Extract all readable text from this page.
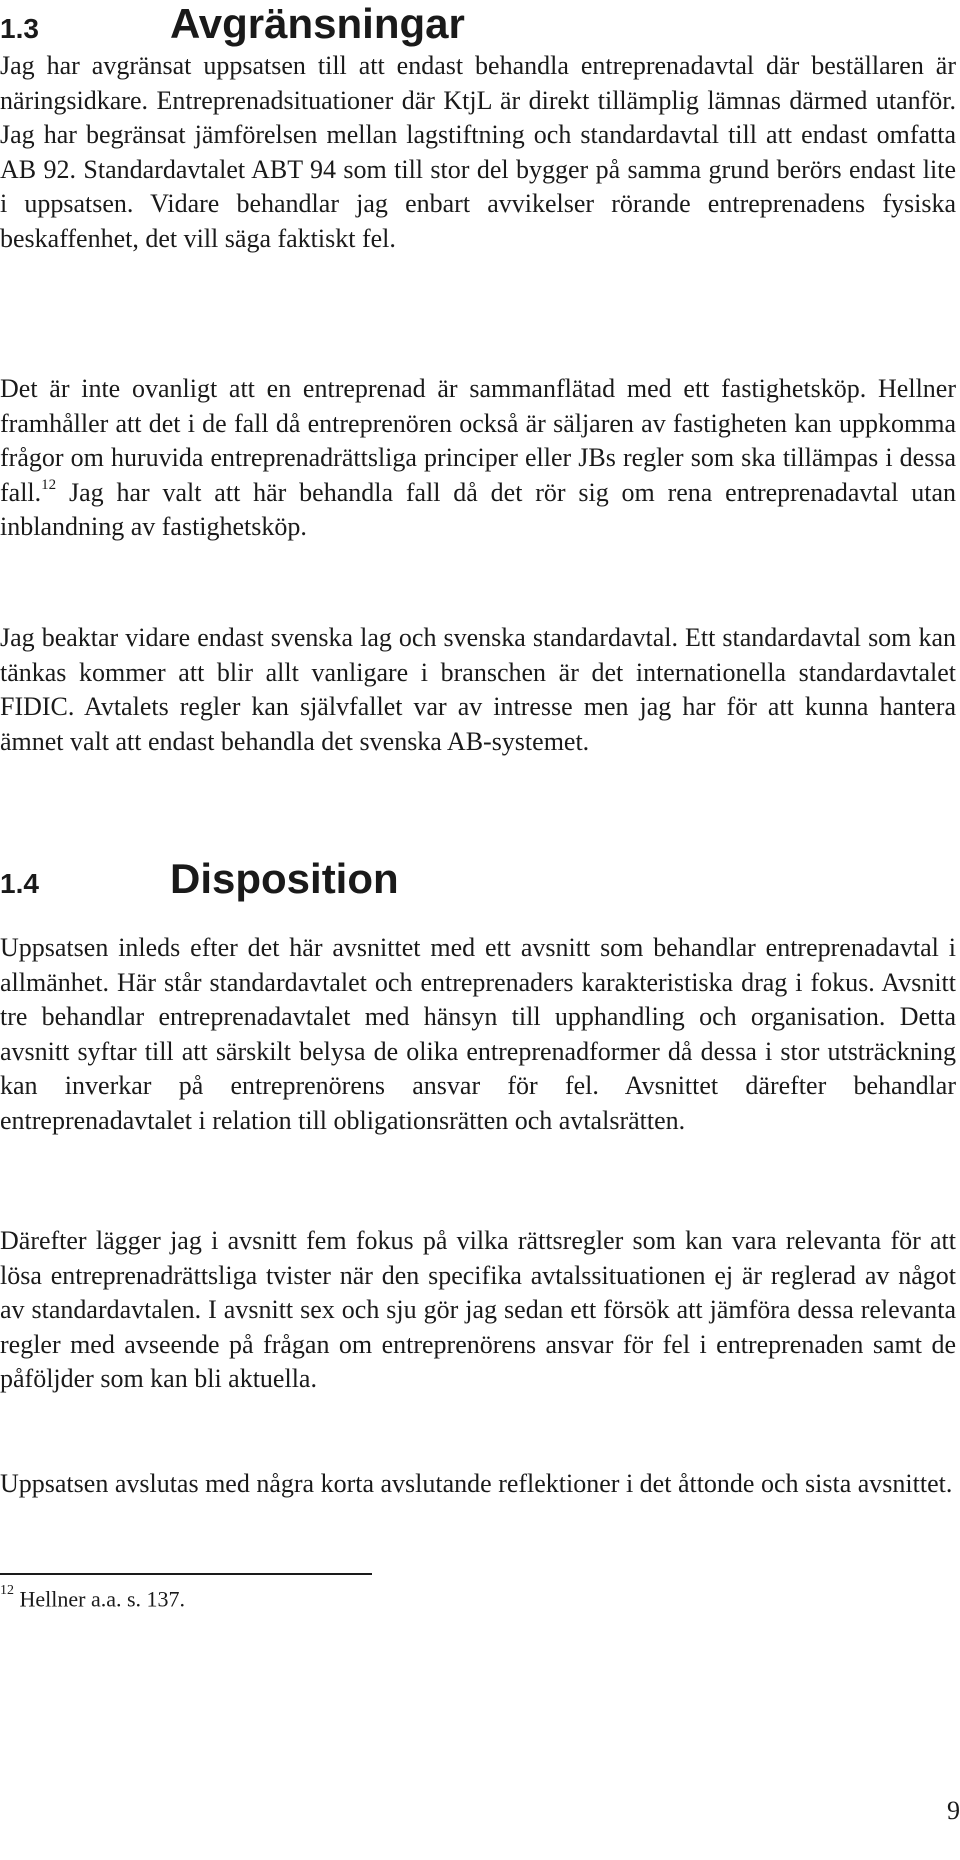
1.3	Avgränsningar

Jag har avgränsat uppsatsen till att endast behandla entreprenadavtal där beställaren är näringsidkare. Entreprenadsituationer där KtjL är direkt tillämplig lämnas därmed utanför. Jag har begränsat jämförelsen mellan lagstiftning och standardavtal till att endast omfatta AB 92. Standardavtalet ABT 94 som till stor del bygger på samma grund berörs endast lite i uppsatsen. Vidare behandlar jag enbart avvikelser rörande entreprenadens fysiska beskaffenhet, det vill säga faktiskt fel.

Det är inte ovanligt att en entreprenad är sammanflätad med ett fastighetsköp. Hellner framhåller att det i de fall då entreprenören också är säljaren av fastigheten kan uppkomma frågor om huruvida entreprenadrättsliga principer eller JBs regler som ska tillämpas i dessa fall.$^{12}$ Jag har valt att här behandla fall då det rör sig om rena entreprenadavtal utan inblandning av fastighetsköp.

Jag beaktar vidare endast svenska lag och svenska standardavtal. Ett standardavtal som kan tänkas kommer att blir allt vanligare i branschen är det internationella standardavtalet FIDIC. Avtalets regler kan självfallet var av intresse men jag har för att kunna hantera ämnet valt att endast behandla det svenska AB-systemet.

1.4	Disposition

Uppsatsen inleds efter det här avsnittet med ett avsnitt som behandlar entreprenadavtal i allmänhet. Här står standardavtalet och entreprenaders karakteristiska drag i fokus. Avsnitt tre behandlar entreprenadavtalet med hänsyn till upphandling och organisation. Detta avsnitt syftar till att särskilt belysa de olika entreprenadformer då dessa i stor utsträckning kan inverkar på entreprenörens ansvar för fel. Avsnittet därefter behandlar entreprenadavtalet i relation till obligationsrätten och avtalsrätten.

Därefter lägger jag i avsnitt fem fokus på vilka rättsregler som kan vara relevanta för att lösa entreprenadrättsliga tvister när den specifika avtalssituationen ej är reglerad av något av standardavtalen. I avsnitt sex och sju gör jag sedan ett försök att jämföra dessa relevanta regler med avseende på frågan om entreprenörens ansvar för fel i entreprenaden samt de påföljder som kan bli aktuella.

Uppsatsen avslutas med några korta avslutande reflektioner i det åttonde och sista avsnittet.

$^{12}$ Hellner a.a. s. 137.
9
